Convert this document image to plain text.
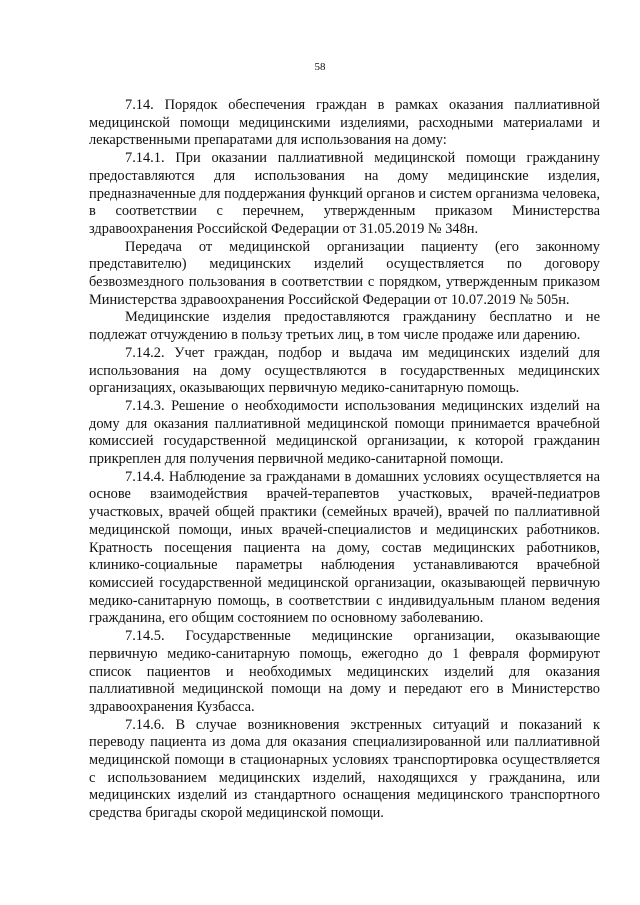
58

7.14. Порядок обеспечения граждан в рамках оказания паллиативной медицинской помощи медицинскими изделиями, расходными материалами и лекарственными препаратами для использования на дому:

7.14.1. При оказании паллиативной медицинской помощи гражданину предоставляются для использования на дому медицинские изделия, предназначенные для поддержания функций органов и систем организма человека, в соответствии с перечнем, утвержденным приказом Министерства здравоохранения Российской Федерации от 31.05.2019 № 348н.

Передача от медицинской организации пациенту (его законному представителю) медицинских изделий осуществляется по договору безвозмездного пользования в соответствии с порядком, утвержденным приказом Министерства здравоохранения Российской Федерации от 10.07.2019 № 505н.

Медицинские изделия предоставляются гражданину бесплатно и не подлежат отчуждению в пользу третьих лиц, в том числе продаже или дарению.

7.14.2. Учет граждан, подбор и выдача им медицинских изделий для использования на дому осуществляются в государственных медицинских организациях, оказывающих первичную медико-санитарную помощь.

7.14.3. Решение о необходимости использования медицинских изделий на дому для оказания паллиативной медицинской помощи принимается врачебной комиссией государственной медицинской организации, к которой гражданин прикреплен для получения первичной медико-санитарной помощи.

7.14.4. Наблюдение за гражданами в домашних условиях осуществляется на основе взаимодействия врачей-терапевтов участковых, врачей-педиатров участковых, врачей общей практики (семейных врачей), врачей по паллиативной медицинской помощи, иных врачей-специалистов и медицинских работников. Кратность посещения пациента на дому, состав медицинских работников, клинико-социальные параметры наблюдения устанавливаются врачебной комиссией государственной медицинской организации, оказывающей первичную медико-санитарную помощь, в соответствии с индивидуальным планом ведения гражданина, его общим состоянием по основному заболеванию.

7.14.5. Государственные медицинские организации, оказывающие первичную медико-санитарную помощь, ежегодно до 1 февраля формируют список пациентов и необходимых медицинских изделий для оказания паллиативной медицинской помощи на дому и передают его в Министерство здравоохранения Кузбасса.

7.14.6. В случае возникновения экстренных ситуаций и показаний к переводу пациента из дома для оказания специализированной или паллиативной медицинской помощи в стационарных условиях транспортировка осуществляется с использованием медицинских изделий, находящихся у гражданина, или медицинских изделий из стандартного оснащения медицинского транспортного средства бригады скорой медицинской помощи.
